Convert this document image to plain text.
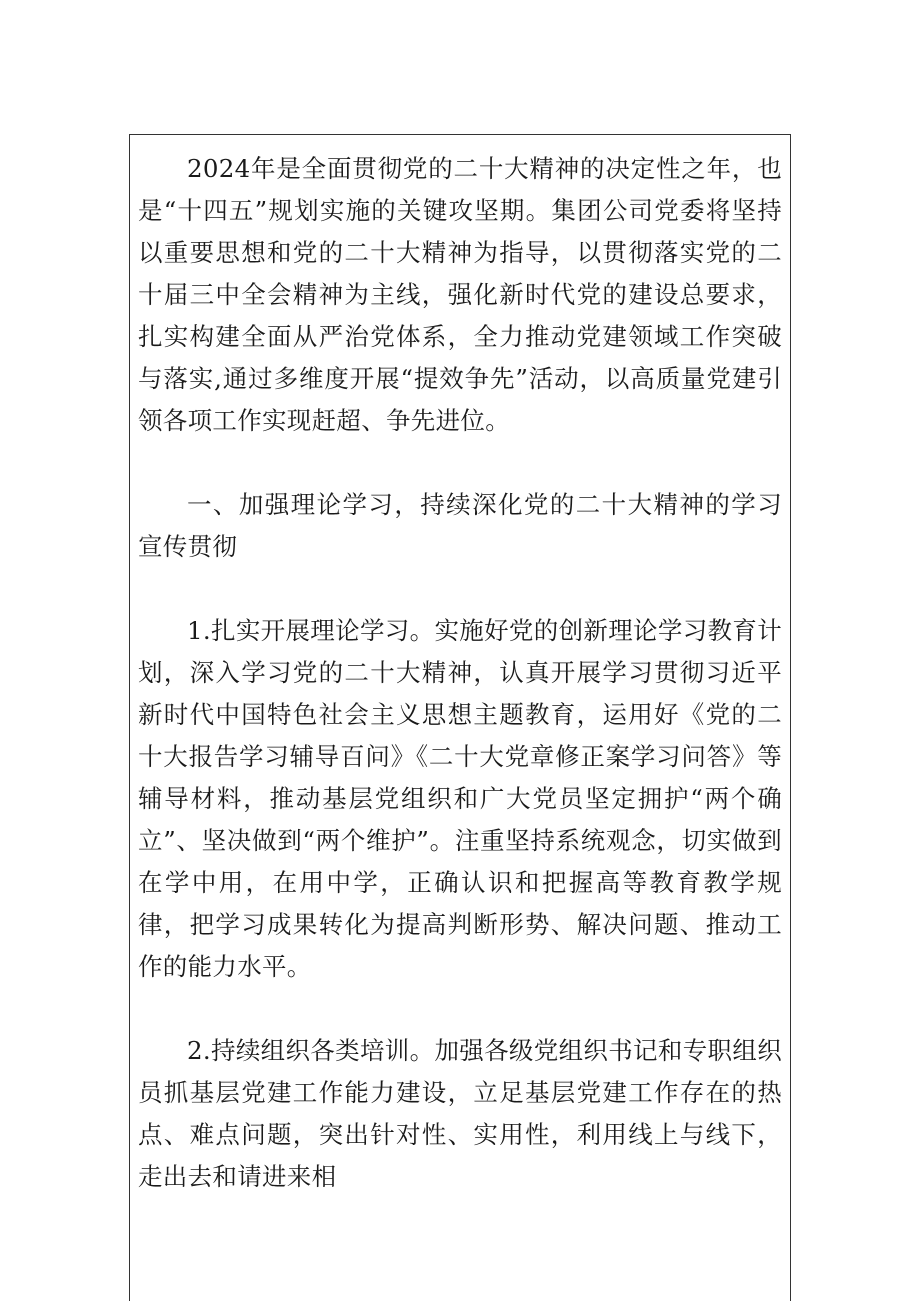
2024年是全面贯彻党的二十大精神的决定性之年，也是“十四五”规划实施的关键攻坚期。集团公司党委将坚持以重要思想和党的二十大精神为指导，以贯彻落实党的二十届三中全会精神为主线，强化新时代党的建设总要求，扎实构建全面从严治党体系，全力推动党建领域工作突破与落实,通过多维度开展“提效争先”活动，以高质量党建引领各项工作实现赶超、争先进位。

一、加强理论学习，持续深化党的二十大精神的学习宣传贯彻

1.扎实开展理论学习。实施好党的创新理论学习教育计划，深入学习党的二十大精神，认真开展学习贯彻习近平新时代中国特色社会主义思想主题教育，运用好《党的二十大报告学习辅导百问》《二十大党章修正案学习问答》等辅导材料，推动基层党组织和广大党员坚定拥护“两个确立”、坚决做到“两个维护”。注重坚持系统观念，切实做到在学中用，在用中学，正确认识和把握高等教育教学规律，把学习成果转化为提高判断形势、解决问题、推动工作的能力水平。

2.持续组织各类培训。加强各级党组织书记和专职组织员抓基层党建工作能力建设，立足基层党建工作存在的热点、难点问题，突出针对性、实用性，利用线上与线下，走出去和请进来相
